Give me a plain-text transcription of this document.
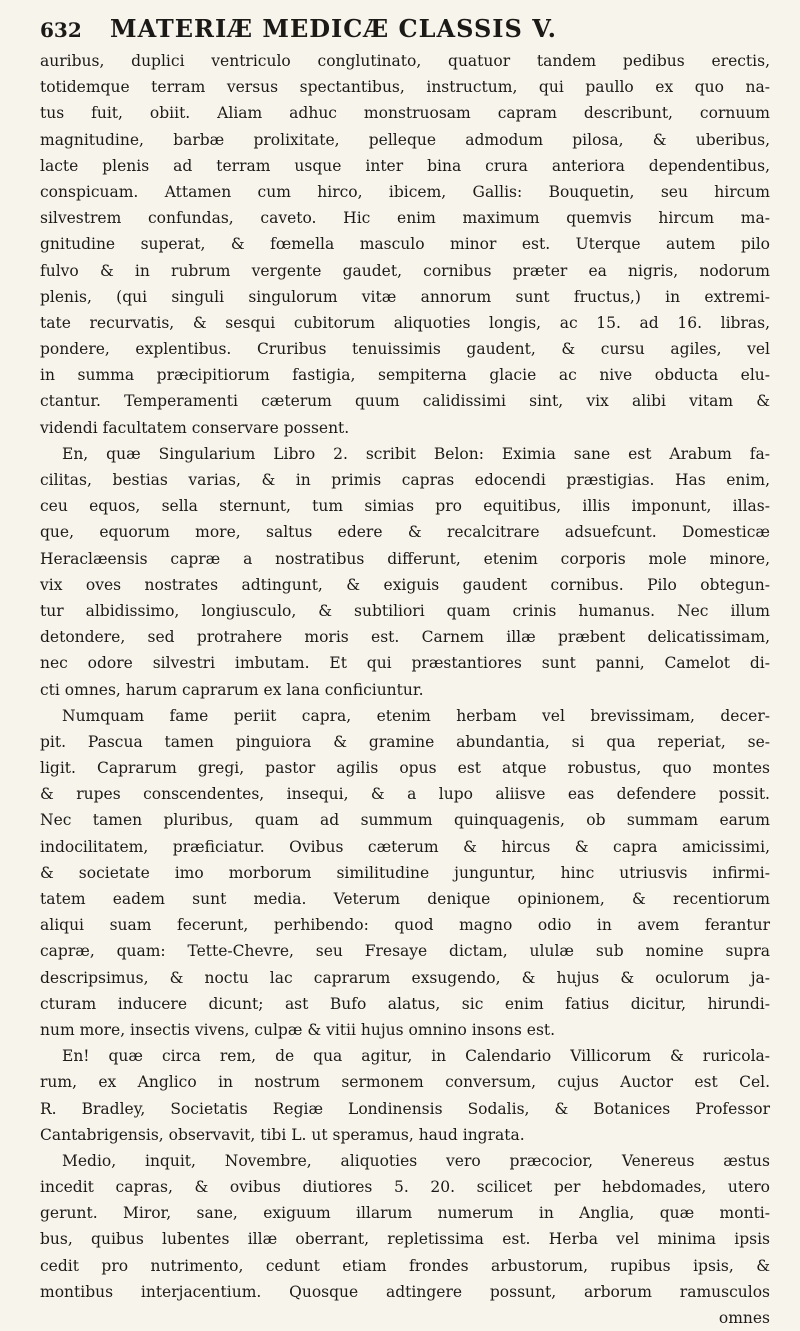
632 MATERIÆ MEDICÆ CLASSIS V.
auribus, duplici ventriculo conglutinato, quatuor tandem pedibus erectis,
totidemque terram versus spectantibus, instructum, qui paullo ex quo na-
tus fuit, obiit. Aliam adhuc monstruosam capram describunt, cornuum
magnitudine, barbæ prolixitate, pelleque admodum pilosa, & uberibus,
lacte plenis ad terram usque inter bina crura anteriora dependentibus,
conspicuam. Attamen cum hirco, ibicem, Gallis: Bouquetin, seu hircum
silvestrem confundas, caveto. Hic enim maximum quemvis hircum ma-
gnitudine superat, & fœmella masculo minor est. Uterque autem pilo
fulvo & in rubrum vergente gaudet, cornibus præter ea nigris, nodorum
plenis, (qui singuli singulorum vitæ annorum sunt fructus,) in extremi-
tate recurvatis, & sesqui cubitorum aliquoties longis, ac 15. ad 16. libras,
pondere, explentibus. Cruribus tenuissimis gaudent, & cursu agiles, vel
in summa præcipitiorum fastigia, sempiterna glacie ac nive obducta elu-
ctantur. Temperamenti cæterum quum calidissimi sint, vix alibi vitam &
videndi facultatem conservare possent.
En, quæ Singularium Libro 2. scribit Belon: Eximia sane est Arabum fa-
cilitas, bestias varias, & in primis capras edocendi præstigias. Has enim,
ceu equos, sella sternunt, tum simias pro equitibus, illis imponunt, illas-
que, equorum more, saltus edere & recalcitrare adsuefcunt. Domesticæ
Heraclæensis capræ a nostratibus differunt, etenim corporis mole minore,
vix oves nostrates adtingunt, & exiguis gaudent cornibus. Pilo obtegun-
tur albidissimo, longiusculo, & subtiliori quam crinis humanus. Nec illum
detondere, sed protrahere moris est. Carnem illæ præbent delicatissimam,
nec odore silvestri imbutam. Et qui præstantiores sunt panni, Camelot di-
cti omnes, harum caprarum ex lana conficiuntur.
Numquam fame periit capra, etenim herbam vel brevissimam, decer-
pit. Pascua tamen pinguiora & gramine abundantia, si qua reperiat, se-
ligit. Caprarum gregi, pastor agilis opus est atque robustus, quo montes
& rupes conscendentes, insequi, & a lupo aliisve eas defendere possit.
Nec tamen pluribus, quam ad summum quinquagenis, ob summam earum
indocilitatem, præficiatur. Ovibus cæterum & hircus & capra amicissimi,
& societate imo morborum similitudine junguntur, hinc utriusvis infirmi-
tatem eadem sunt media. Veterum denique opinionem, & recentiorum
aliqui suam fecerunt, perhibendo: quod magno odio in avem ferantur
capræ, quam: Tette-Chevre, seu Fresaye dictam, ululæ sub nomine supra
descripsimus, & noctu lac caprarum exsugendo, & hujus & oculorum ja-
cturam inducere dicunt; ast Bufo alatus, sic enim fatius dicitur, hirundi-
num more, insectis vivens, culpæ & vitii hujus omnino insons est.
En! quæ circa rem, de qua agitur, in Calendario Villicorum & ruricola-
rum, ex Anglico in nostrum sermonem conversum, cujus Auctor est Cel.
R. Bradley, Societatis Regiæ Londinensis Sodalis, & Botanices Professor
Cantabrigensis, observavit, tibi L. ut speramus, haud ingrata.
Medio, inquit, Novembre, aliquoties vero præcocior, Venereus æstus
incedit capras, & ovibus diutiores 5. 20. scilicet per hebdomades, utero
gerunt. Miror, sane, exiguum illarum numerum in Anglia, quæ monti-
bus, quibus lubentes illæ oberrant, repletissima est. Herba vel minima ipsis
cedit pro nutrimento, cedunt etiam frondes arbustorum, rupibus ipsis, &
montibus interjacentium. Quosque adtingere possunt, arborum ramusculos
omnes
